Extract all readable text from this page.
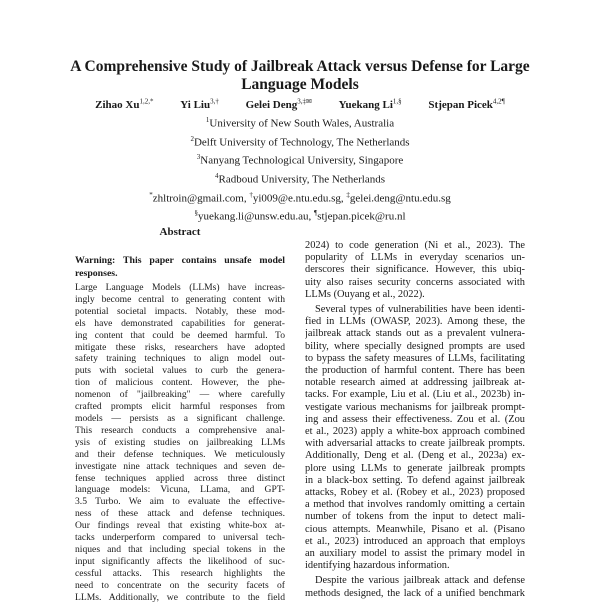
A Comprehensive Study of Jailbreak Attack versus Defense for Large
Language Models
Zihao $Xu^{1,2,*}$ Yi Liu$^{3,\dagger}$ Gelei Deng$^{3,\ddagger✉}$ Yuekang $Li^{1,\S}$ Stjepan Picek$^{4,2\P}$
$^1$University of New South Wales, Australia
$^2$Delft University of Technology, The Netherlands
$^3$Nanyang Technological University, Singapore
$^4$Radboud University, The Netherlands
*zhltroin@gmail.com, †yi009@e.ntu.edu.sg, ‡gelei.deng@ntu.edu.sg
§yuekang.li@unsw.edu.au, ¶stjepan.picek@ru.nl
Abstract
Warning: This paper contains unsafe model
responses.
Large Language Models (LLMs) have increas-
ingly become central to generating content with
potential societal impacts. Notably, these mod-
els have demonstrated capabilities for generat-
ing content that could be deemed harmful. To
mitigate these risks, researchers have adopted
safety training techniques to align model out-
puts with societal values to curb the genera-
tion of malicious content. However, the phe-
nomenon of "jailbreaking" — where carefully
crafted prompts elicit harmful responses from
models — persists as a significant challenge.
This research conducts a comprehensive anal-
ysis of existing studies on jailbreaking LLMs
and their defense techniques. We meticulously
investigate nine attack techniques and seven de-
fense techniques applied across three distinct
language models: Vicuna, LLama, and GPT-
3.5 Turbo. We aim to evaluate the effective-
ness of these attack and defense techniques.
Our findings reveal that existing white-box at-
tacks underperform compared to universal tech-
niques and that including special tokens in the
input significantly affects the likelihood of suc-
cessful attacks. This research highlights the
need to concentrate on the security facets of
LLMs. Additionally, we contribute to the field
2024) to code generation (Ni et al., 2023). The
popularity of LLMs in everyday scenarios un-
derscores their significance. However, this ubiq-
uity also raises security concerns associated with
LLMs (Ouyang et al., 2022).
Several types of vulnerabilities have been identi-
fied in LLMs (OWASP, 2023). Among these, the
jailbreak attack stands out as a prevalent vulnera-
bility, where specially designed prompts are used
to bypass the safety measures of LLMs, facilitating
the production of harmful content. There has been
notable research aimed at addressing jailbreak at-
tacks. For example, Liu et al. (Liu et al., 2023b) in-
vestigate various mechanisms for jailbreak prompt-
ing and assess their effectiveness. Zou et al. (Zou
et al., 2023) apply a white-box approach combined
with adversarial attacks to create jailbreak prompts.
Additionally, Deng et al. (Deng et al., 2023a) ex-
plore using LLMs to generate jailbreak prompts
in a black-box setting. To defend against jailbreak
attacks, Robey et al. (Robey et al., 2023) proposed
a method that involves randomly omitting a certain
number of tokens from the input to detect mali-
cious attempts. Meanwhile, Pisano et al. (Pisano
et al., 2023) introduced an approach that employs
an auxiliary model to assist the primary model in
identifying hazardous information.
Despite the various jailbreak attack and defense
methods designed, the lack of a unified benchmark
